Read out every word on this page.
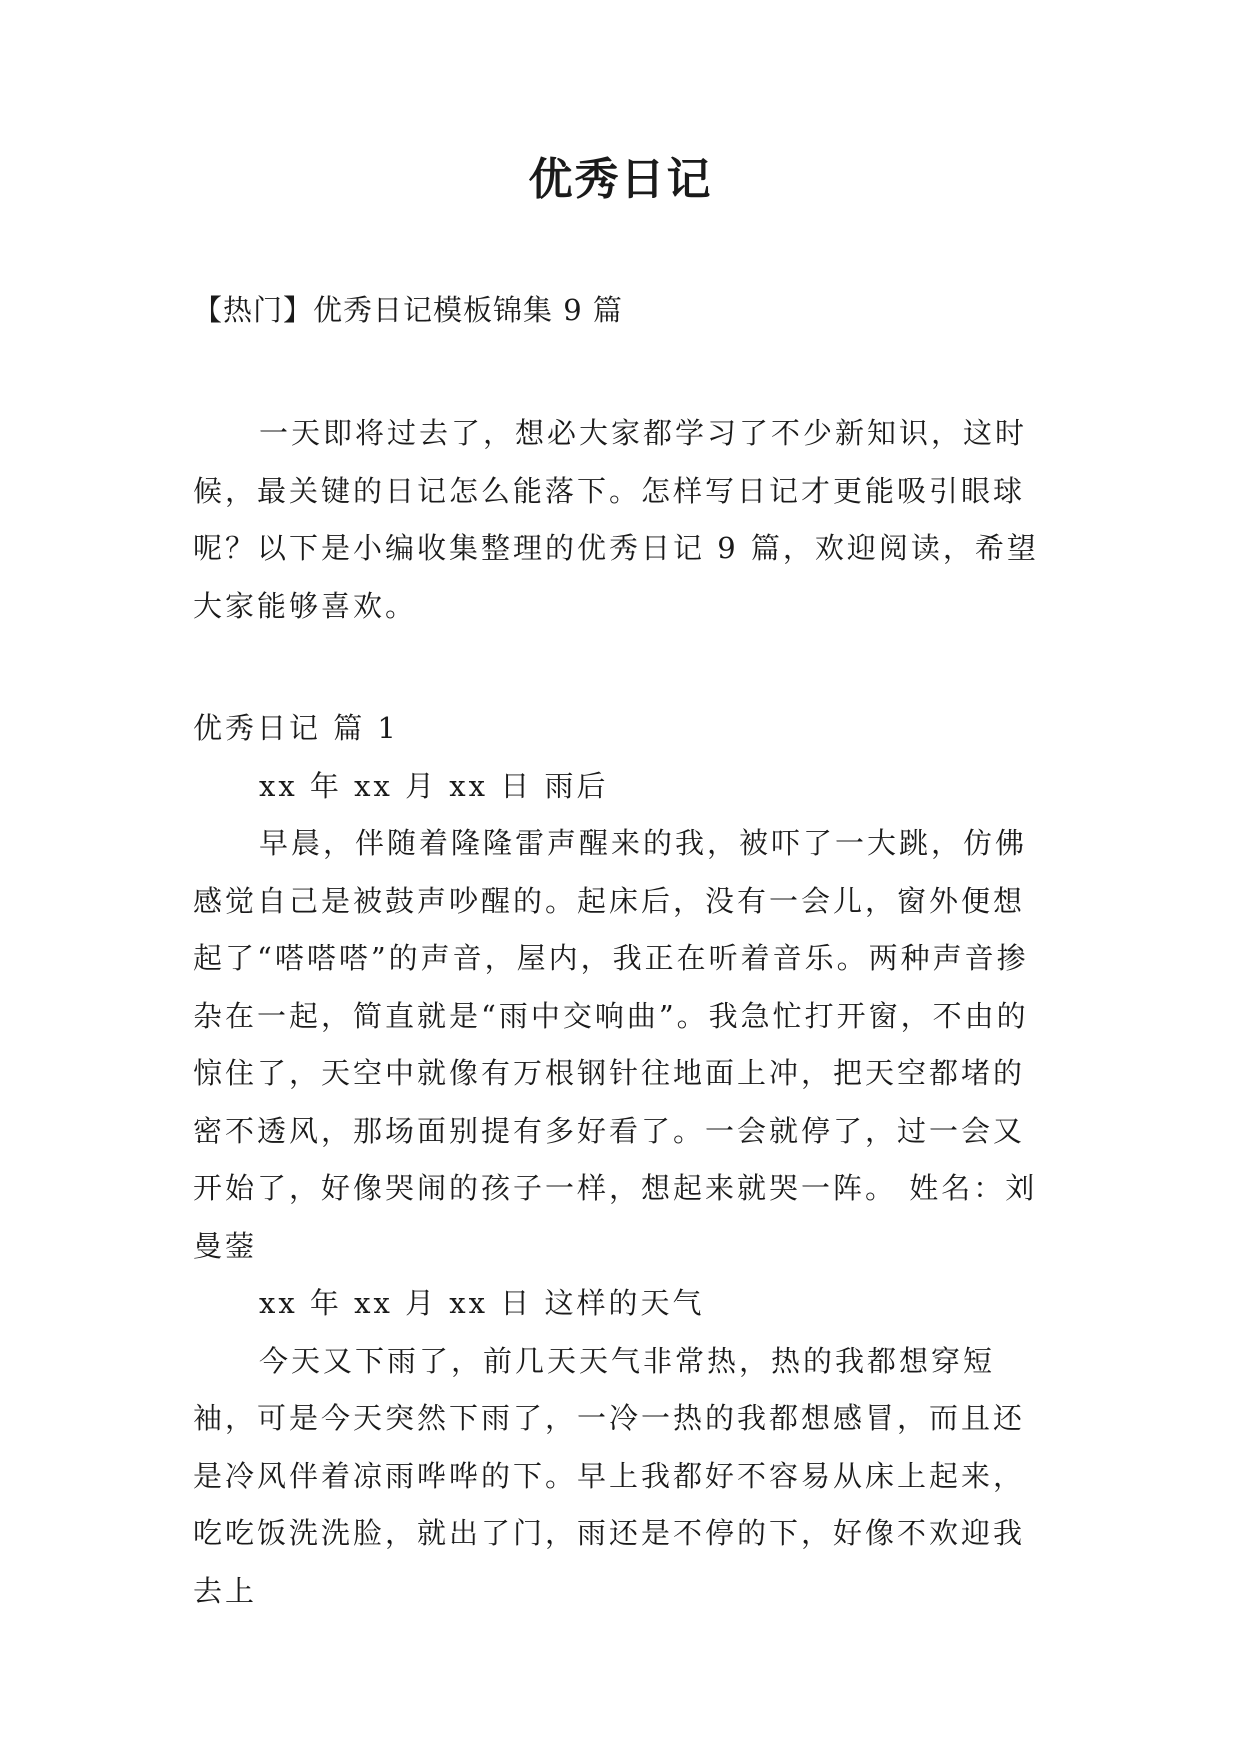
优秀日记
【热门】优秀日记模板锦集 9 篇
一天即将过去了，想必大家都学习了不少新知识，这时候，最关键的日记怎么能落下。怎样写日记才更能吸引眼球呢？以下是小编收集整理的优秀日记 9 篇，欢迎阅读，希望大家能够喜欢。

优秀日记 篇 1

xx 年 xx 月 xx 日 雨后

早晨，伴随着隆隆雷声醒来的我，被吓了一大跳，仿佛感觉自己是被鼓声吵醒的。起床后，没有一会儿，窗外便想起了“嗒嗒嗒”的声音，屋内，我正在听着音乐。两种声音掺杂在一起，简直就是“雨中交响曲”。我急忙打开窗，不由的惊住了，天空中就像有万根钢针往地面上冲，把天空都堵的密不透风，那场面别提有多好看了。一会就停了，过一会又开始了，好像哭闹的孩子一样，想起来就哭一阵。 姓名：刘曼蓥

xx 年 xx 月 xx 日 这样的天气

今天又下雨了，前几天天气非常热，热的我都想穿短袖，可是今天突然下雨了，一冷一热的我都想感冒，而且还是冷风伴着凉雨哗哗的下。早上我都好不容易从床上起来，吃吃饭洗洗脸，就出了门，雨还是不停的下，好像不欢迎我去上
